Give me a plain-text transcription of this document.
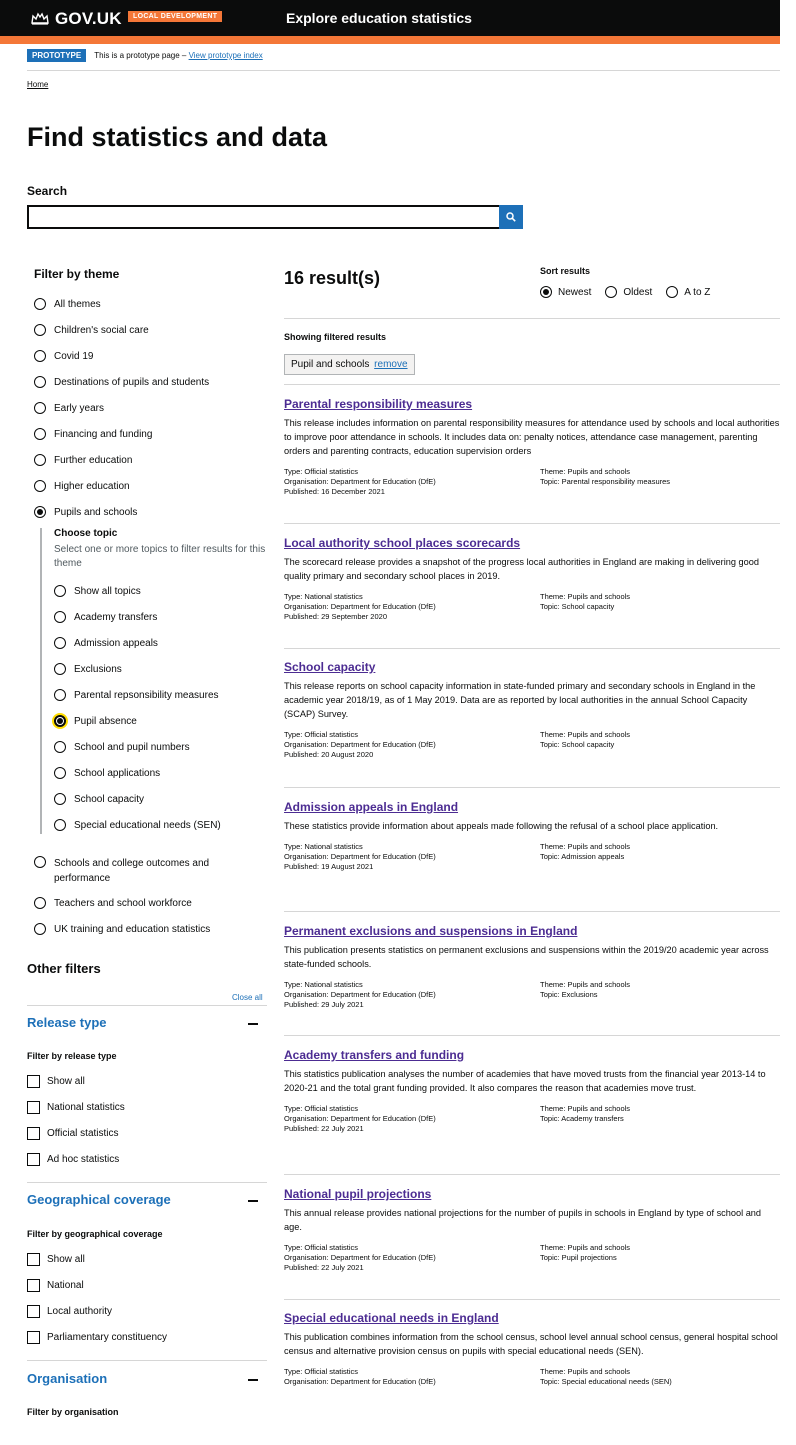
GOV.UK	LOCAL DEVELOPMENT	Explore education statistics
PROTOTYPE This is a prototype page – View prototype index
Home
Find statistics and data
Search
Filter by theme
All themes
Children's social care
Covid 19
Destinations of pupils and students
Early years
Financing and funding
Further education
Higher education
Pupils and schools
Choose topic
Select one or more topics to filter results for this theme
Show all topics
Academy transfers
Admission appeals
Exclusions
Parental repsonsibility measures
Pupil absence
School and pupil numbers
School applications
School capacity
Special educational needs (SEN)
Schools and college outcomes and performance
Teachers and school workforce
UK training and education statistics
Other filters
Close all
Release type
Filter by release type
Show all
National statistics
Official statistics
Ad hoc statistics
Geographical coverage
Filter by geographical coverage
Show all
National
Local authority
Parliamentary constituency
Organisation
Filter by organisation
16 result(s)	Sort results
Newest	Oldest	A to Z
Showing filtered results
Pupil and schools remove
Parental responsibility measures
This release includes information on parental responsibility measures for attendance used by schools and local authorities to improve poor attendance in schools. It includes data on: penalty notices, attendance case management, parenting orders and parenting contracts, education supervision orders
Type: Official statistics
Organisation: Department for Education (DfE)
Published: 16 December 2021
Theme: Pupils and schools
Topic: Parental responsibility measures
Local authority school places scorecards
The scorecard release provides a snapshot of the progress local authorities in England are making in delivering good quality primary and secondary school places in 2019.
Type: National statistics
Organisation: Department for Education (DfE)
Published: 29 September 2020
Theme: Pupils and schools
Topic: School capacity
School capacity
This release reports on school capacity information in state-funded primary and secondary schools in England in the academic year 2018/19, as of 1 May 2019. Data are as reported by local authorities in the annual School Capacity (SCAP) Survey.
Type: Official statistics
Organisation: Department for Education (DfE)
Published: 20 August 2020
Theme: Pupils and schools
Topic: School capacity
Admission appeals in England
These statistics provide information about appeals made following the refusal of a school place application.
Type: National statistics
Organisation: Department for Education (DfE)
Published: 19 August 2021
Theme: Pupils and schools
Topic: Admission appeals
Permanent exclusions and suspensions in England
This publication presents statistics on permanent exclusions and suspensions within the 2019/20 academic year across state-funded schools.
Type: National statistics
Organisation: Department for Education (DfE)
Published: 29 July 2021
Theme: Pupils and schools
Topic: Exclusions
Academy transfers and funding
This statistics publication analyses the number of academies that have moved trusts from the financial year 2013-14 to 2020-21 and the total grant funding provided. It also compares the reason that academies move trust.
Type: Official statistics
Organisation: Department for Education (DfE)
Published: 22 July 2021
Theme: Pupils and schools
Topic: Academy transfers
National pupil projections
This annual release provides national projections for the number of pupils in schools in England by type of school and age.
Type: Official statistics
Organisation: Department for Education (DfE)
Published: 22 July 2021
Theme: Pupils and schools
Topic: Pupil projections
Special educational needs in England
This publication combines information from the school census, school level annual school census, general hospital school census and alternative provision census on pupils with special educational needs (SEN).
Type: Official statistics
Organisation: Department for Education (DfE)
Theme: Pupils and schools
Topic: Special educational needs (SEN)
